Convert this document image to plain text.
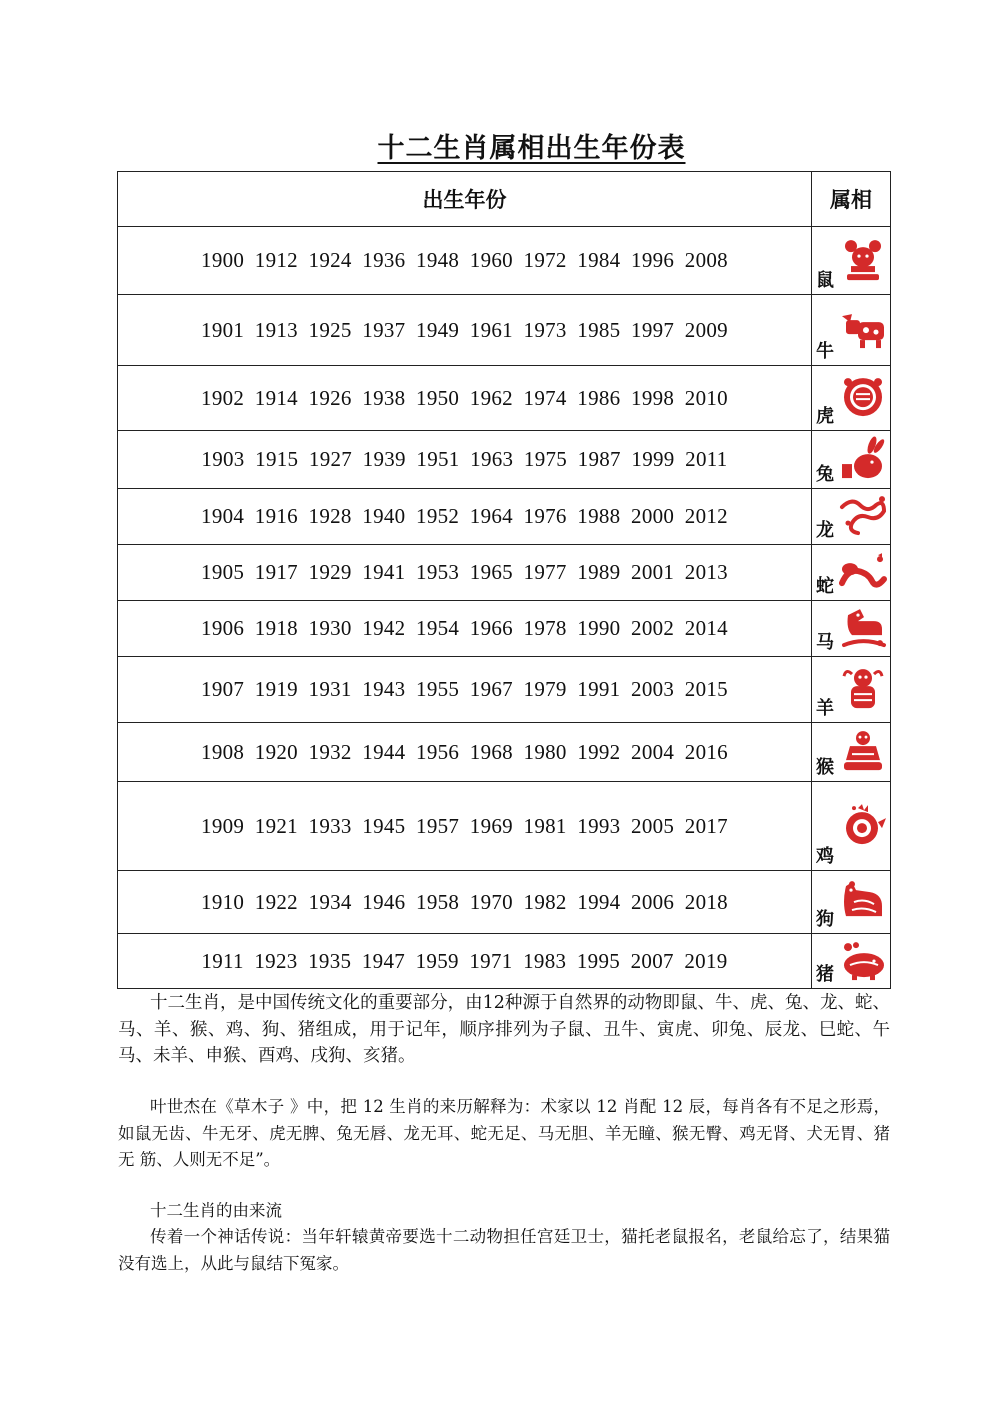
十二生肖属相出生年份表
出生年份	属相
1900 1912 1924 1936 1948 1960 1972 1984 1996 2008	鼠

1901 1913 1925 1937 1949 1961 1973 1985 1997 2009	牛

1902 1914 1926 1938 1950 1962 1974 1986 1998 2010	虎

1903 1915 1927 1939 1951 1963 1975 1987 1999 2011	兔

1904 1916 1928 1940 1952 1964 1976 1988 2000 2012	龙

1905 1917 1929 1941 1953 1965 1977 1989 2001 2013	蛇

1906 1918 1930 1942 1954 1966 1978 1990 2002 2014	马

1907 1919 1931 1943 1955 1967 1979 1991 2003 2015	羊

1908 1920 1932 1944 1956 1968 1980 1992 2004 2016	猴

1909 1921 1933 1945 1957 1969 1981 1993 2005 2017	鸡

1910 1922 1934 1946 1958 1970 1982 1994 2006 2018	狗

1911 1923 1935 1947 1959 1971 1983 1995 2007 2019	猪
十二生肖，是中国传统文化的重要部分，由12种源于自然界的动物即鼠、牛、虎、兔、龙、蛇、马、羊、猴、鸡、狗、猪组成，用于记年，顺序排列为子鼠、丑牛、寅虎、卯兔、辰龙、巳蛇、午马、未羊、申猴、酉鸡、戌狗、亥猪。
叶世杰在《草木子 》中，把 12 生肖的来历解释为：术家以 12 肖配 12 辰，每肖各有不足之形焉，如鼠无齿、牛无牙、虎无脾、兔无唇、龙无耳、蛇无足、马无胆、羊无瞳、猴无臀、鸡无肾、犬无胃、猪无 筋、人则无不足”。
十二生肖的由来流
传着一个神话传说：当年轩辕黄帝要选十二动物担任宫廷卫士，猫托老鼠报名，老鼠给忘了，结果猫没有选上，从此与鼠结下冤家。
